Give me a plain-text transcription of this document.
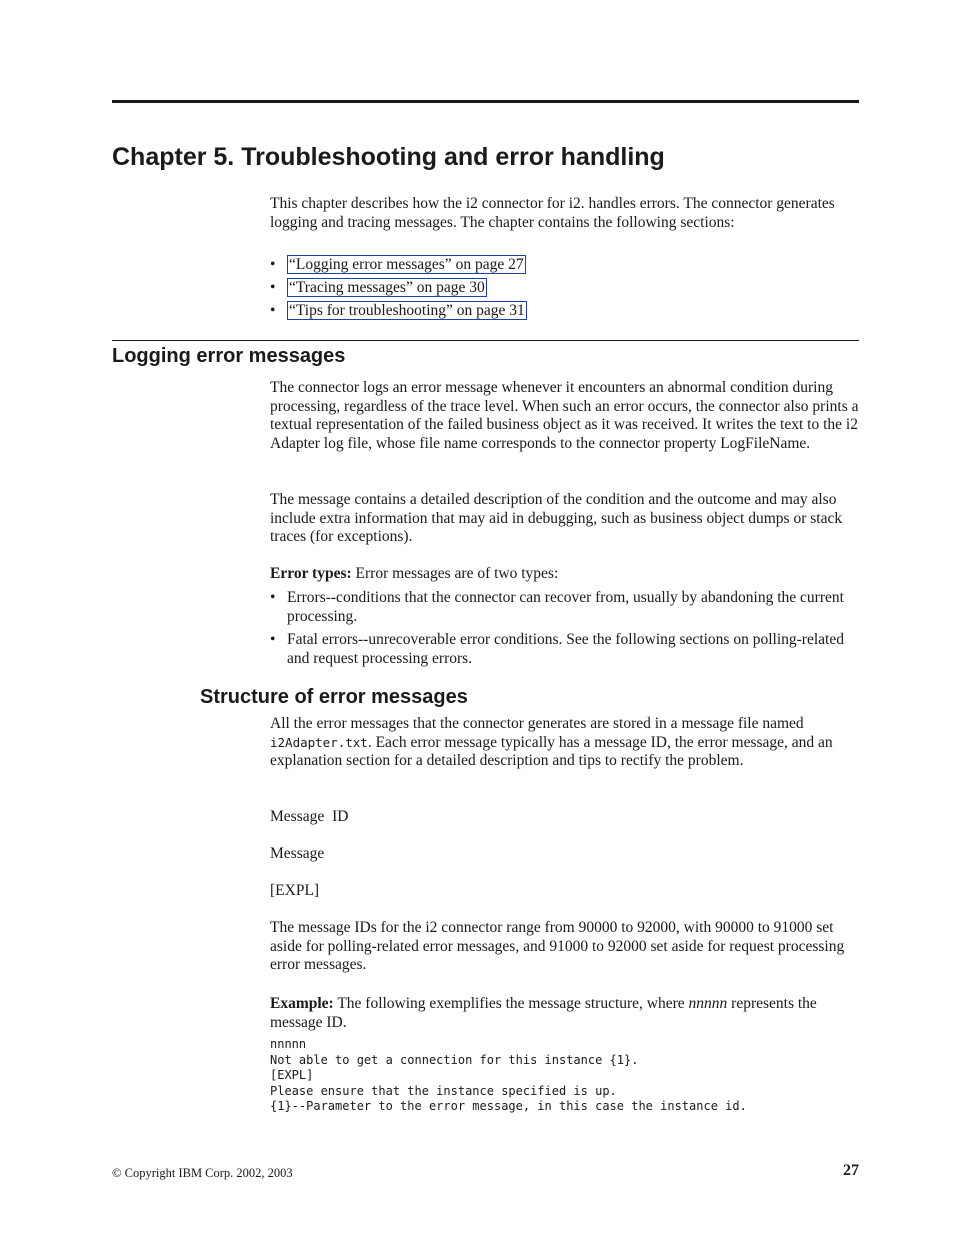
Chapter 5. Troubleshooting and error handling

This chapter describes how the i2 connector for i2. handles errors. The connector generates logging and tracing messages. The chapter contains the following sections:

• “Logging error messages” on page 27
• “Tracing messages” on page 30
• “Tips for troubleshooting” on page 31
Logging error messages

The connector logs an error message whenever it encounters an abnormal condition during processing, regardless of the trace level. When such an error occurs, the connector also prints a textual representation of the failed business object as it was received. It writes the text to the i2 Adapter log file, whose file name corresponds to the connector property LogFileName.

The message contains a detailed description of the condition and the outcome and may also include extra information that may aid in debugging, such as business object dumps or stack traces (for exceptions).

Error types: Error messages are of two types:

• Errors--conditions that the connector can recover from, usually by abandoning the current processing.
• Fatal errors--unrecoverable error conditions. See the following sections on polling-related and request processing errors.
Structure of error messages

All the error messages that the connector generates are stored in a message file named i2Adapter.txt. Each error message typically has a message ID, the error message, and an explanation section for a detailed description and tips to rectify the problem.

Message ID

Message

[EXPL]

The message IDs for the i2 connector range from 90000 to 92000, with 90000 to 91000 set aside for polling-related error messages, and 91000 to 92000 set aside for request processing error messages.

Example: The following exemplifies the message structure, where nnnnn represents the message ID.

nnnnn
Not able to get a connection for this instance {1}.
[EXPL]
Please ensure that the instance specified is up.
{1}--Parameter to the error message, in this case the instance id.
© Copyright IBM Corp. 2002, 2003	27
